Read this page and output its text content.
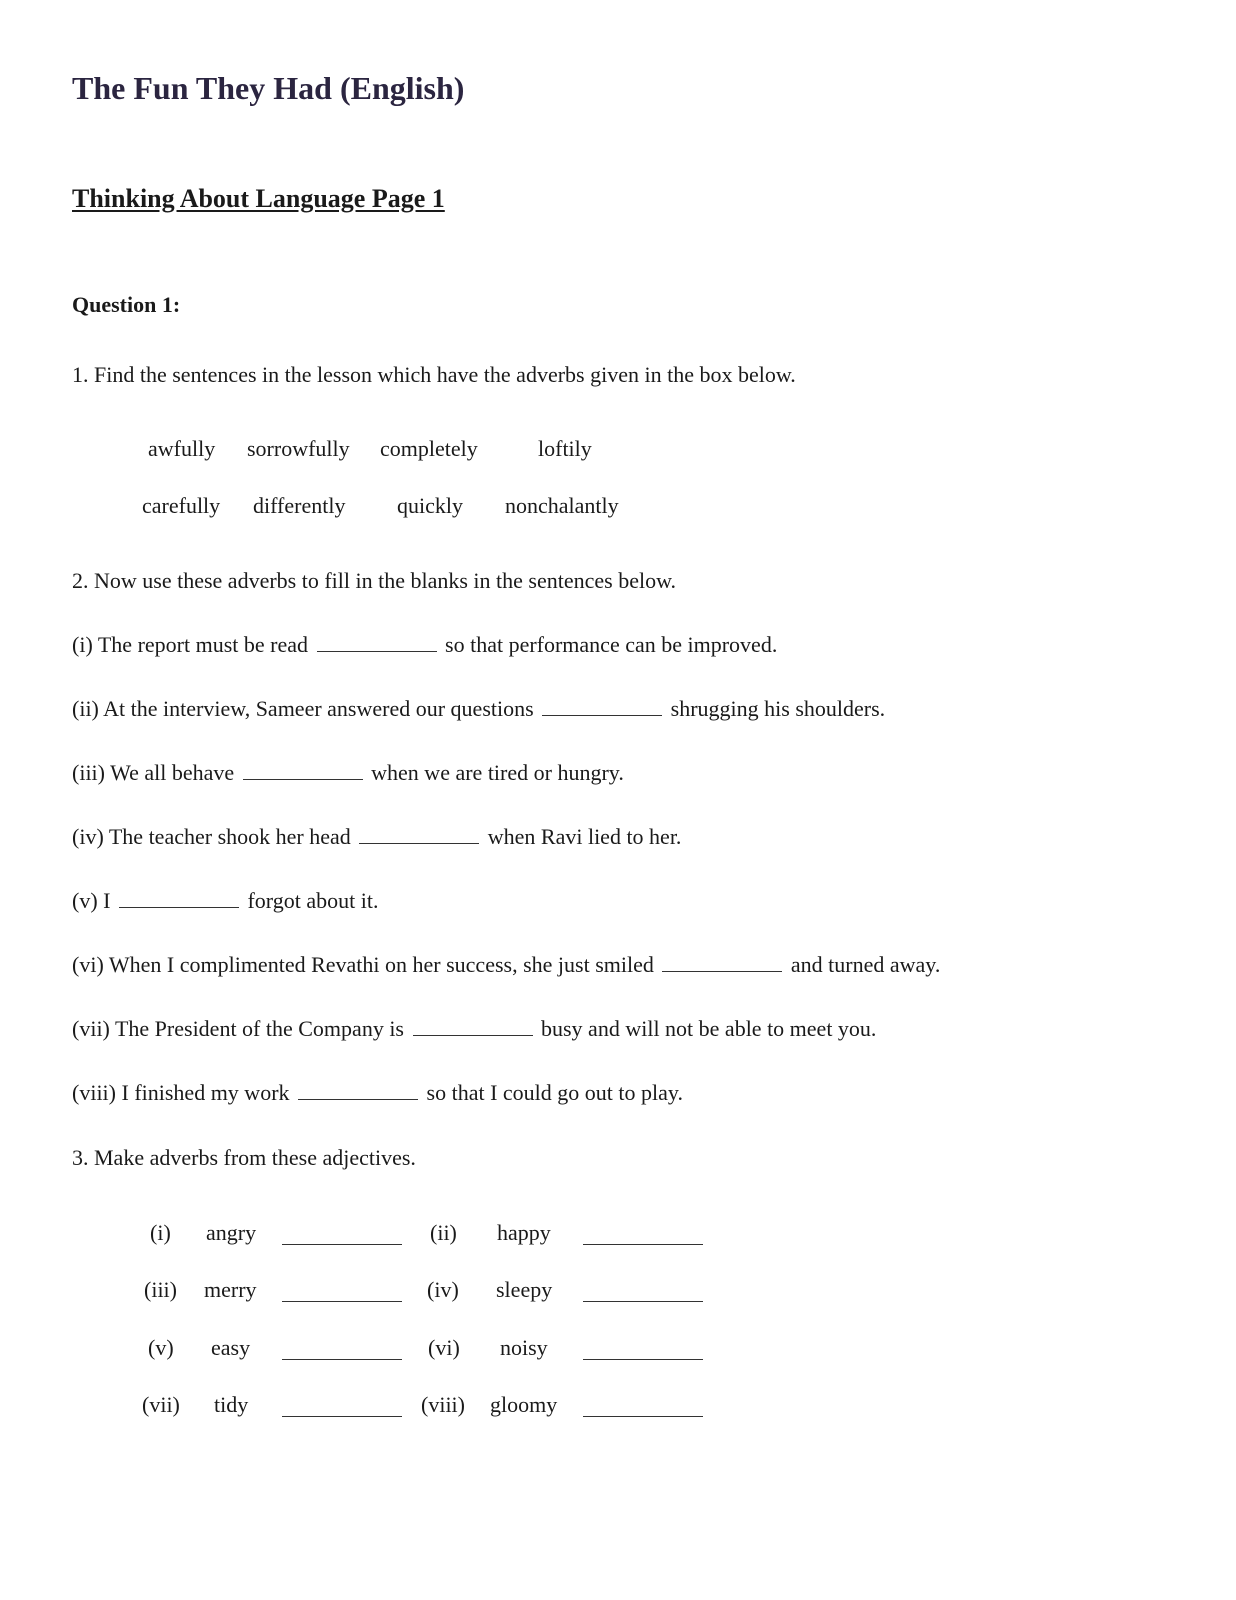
The Fun They Had (English)
Thinking About Language Page 1
Question 1:
1. Find the sentences in the lesson which have the adverbs given in the box below.
awfully sorrowfully completely	loftily
carefully differently quickly nonchalantly
2. Now use these adverbs to fill in the blanks in the sentences below.
(i) The report must be read	so that performance can be improved.
(ii) At the interview, Sameer answered our questions	shrugging his shoulders.
(iii) We all behave	when we are tired or hungry.
(iv) The teacher shook her head	when Ravi lied to her.
(v) I	forgot about it.
(vi) When I complimented Revathi on her success, she just smiled	and turned away.
(vii) The President of the Company is	busy and will not be able to meet you.
(viii) I finished my work	so that I could go out to play.
3. Make adverbs from these adjectives.
(i) angry	(ii) happy
(iii) merry	(iv) sleepy
(v) easy	(vi) noisy
(vii) tidy	(viii) gloomy
